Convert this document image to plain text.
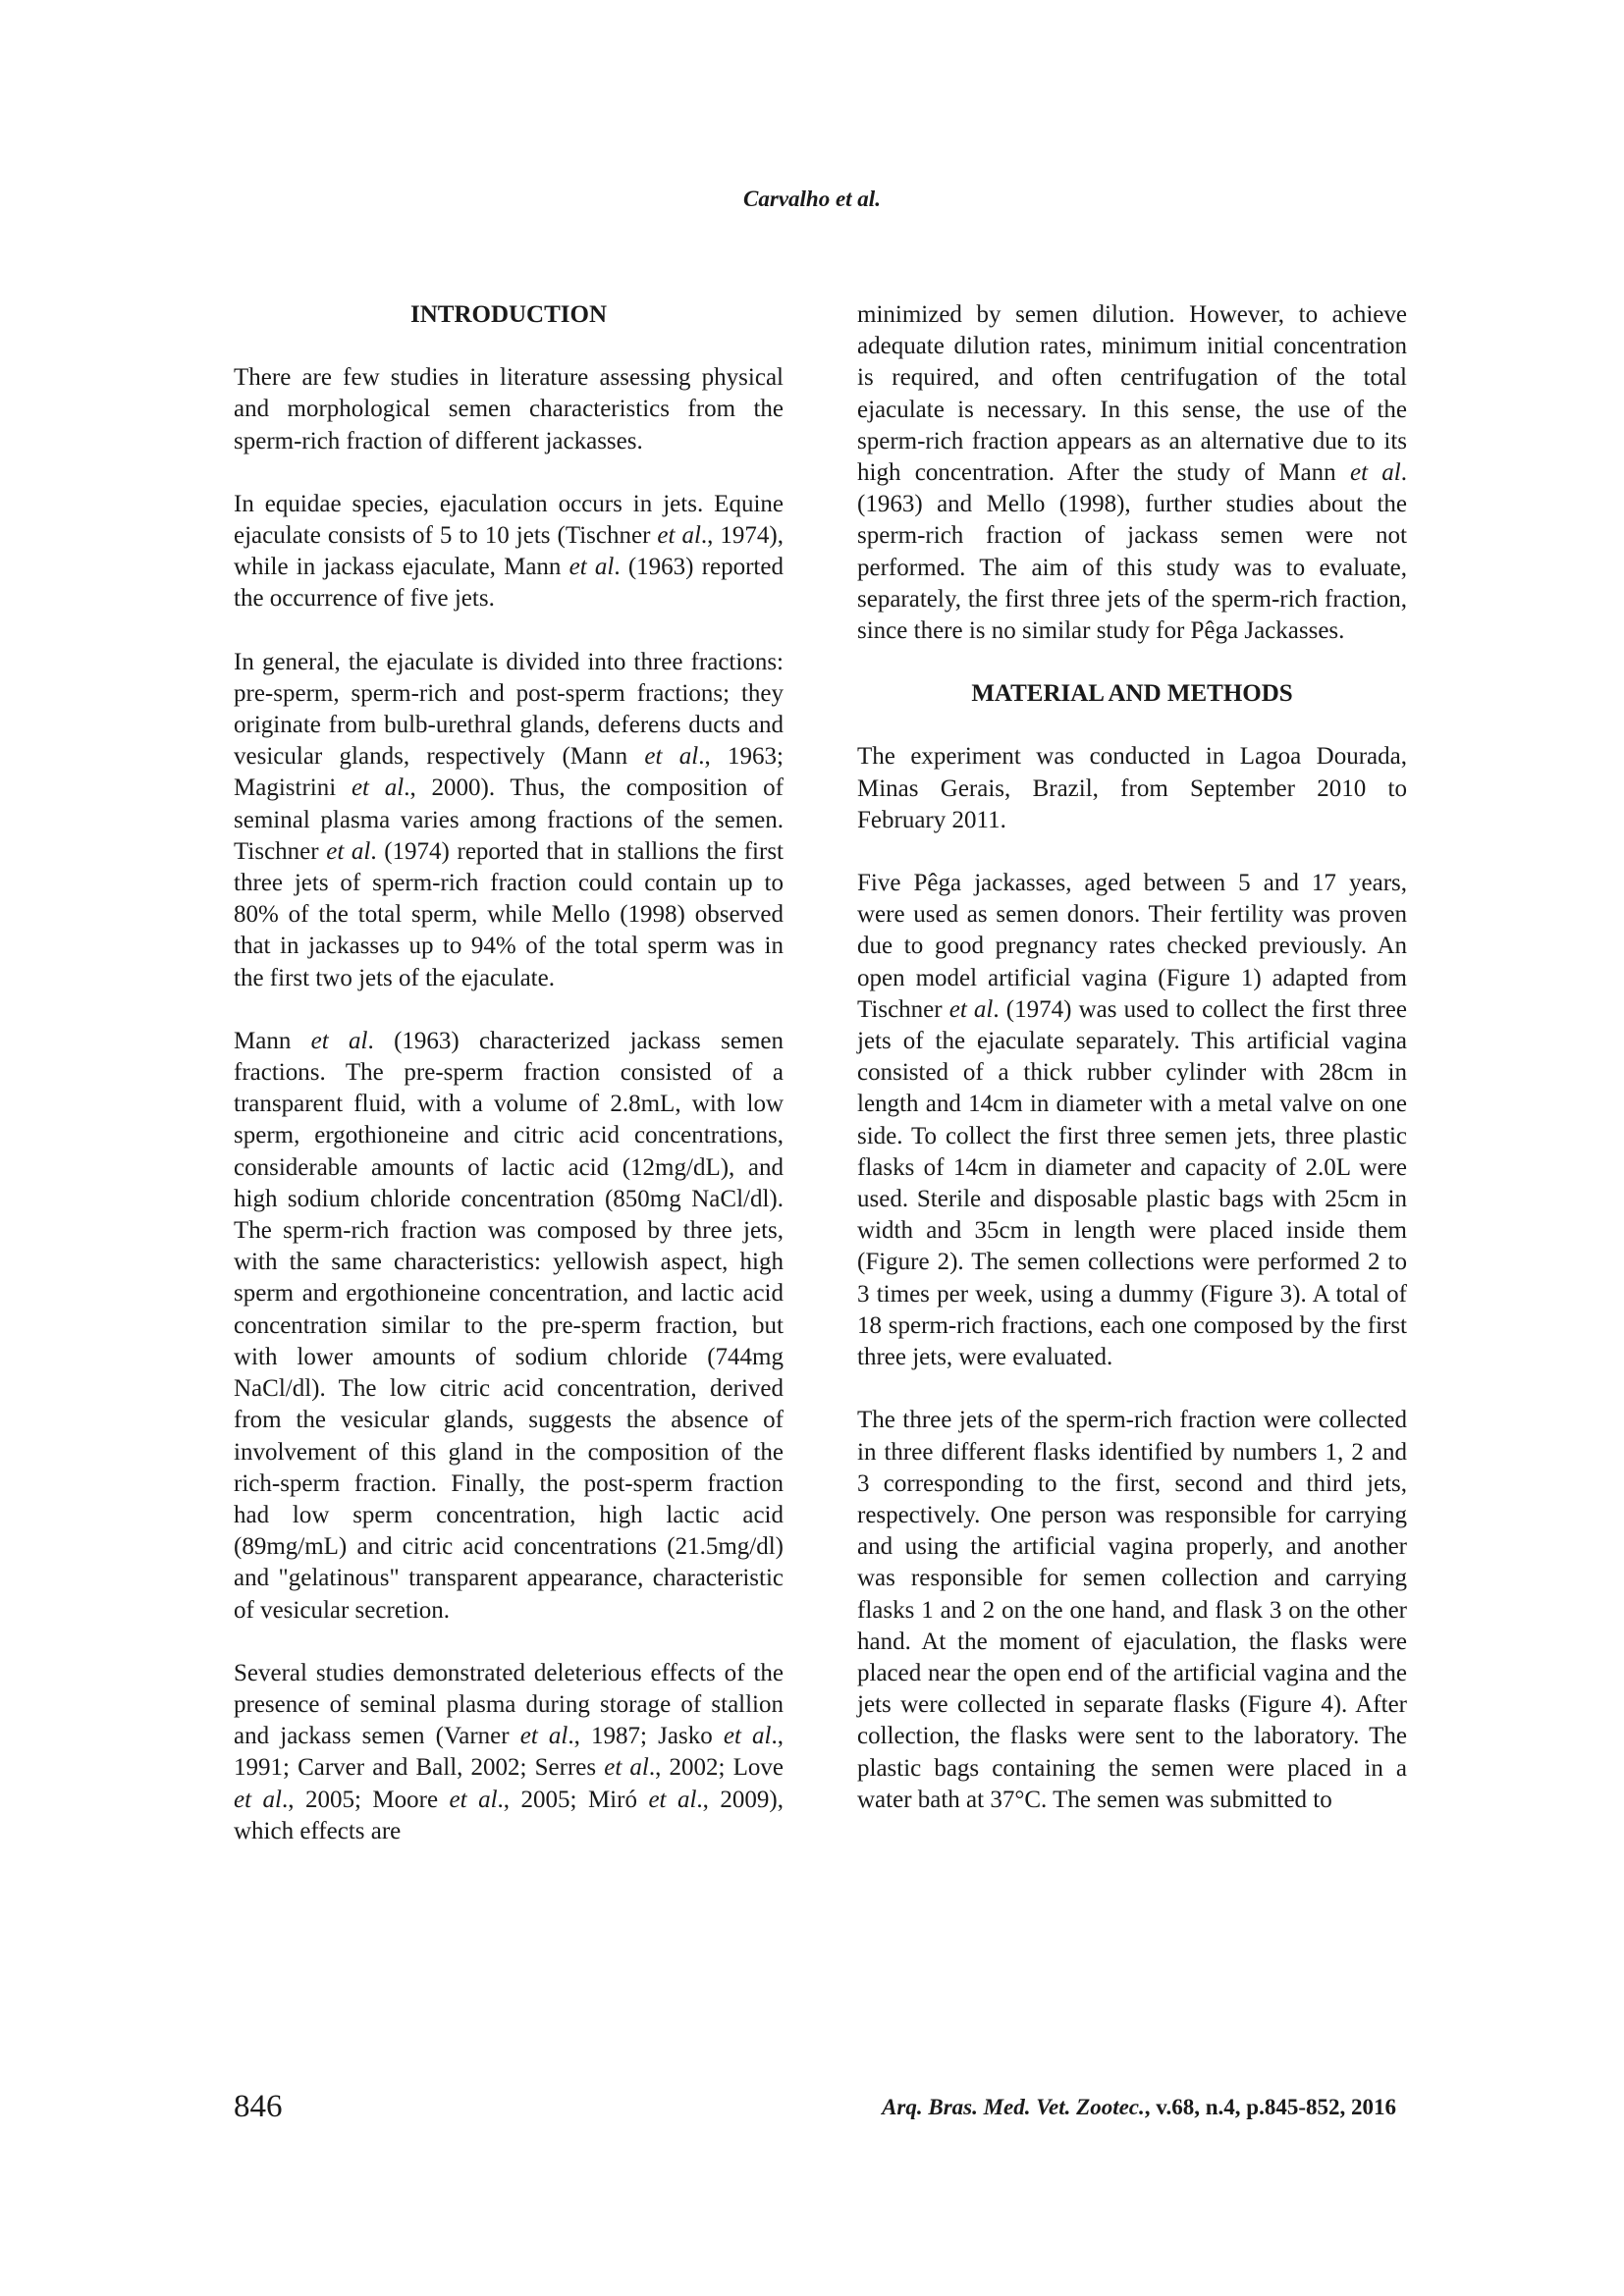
Carvalho et al.
INTRODUCTION

There are few studies in literature assessing physical and morphological semen characteristics from the sperm-rich fraction of different jackasses.

In equidae species, ejaculation occurs in jets. Equine ejaculate consists of 5 to 10 jets (Tischner et al., 1974), while in jackass ejaculate, Mann et al. (1963) reported the occurrence of five jets.

In general, the ejaculate is divided into three fractions: pre-sperm, sperm-rich and post-sperm fractions; they originate from bulb-urethral glands, deferens ducts and vesicular glands, respectively (Mann et al., 1963; Magistrini et al., 2000). Thus, the composition of seminal plasma varies among fractions of the semen. Tischner et al. (1974) reported that in stallions the first three jets of sperm-rich fraction could contain up to 80% of the total sperm, while Mello (1998) observed that in jackasses up to 94% of the total sperm was in the first two jets of the ejaculate.

Mann et al. (1963) characterized jackass semen fractions. The pre-sperm fraction consisted of a transparent fluid, with a volume of 2.8mL, with low sperm, ergothioneine and citric acid concentrations, considerable amounts of lactic acid (12mg/dL), and high sodium chloride concentration (850mg NaCl/dl). The sperm-rich fraction was composed by three jets, with the same characteristics: yellowish aspect, high sperm and ergothioneine concentration, and lactic acid concentration similar to the pre-sperm fraction, but with lower amounts of sodium chloride (744mg NaCl/dl). The low citric acid concentration, derived from the vesicular glands, suggests the absence of involvement of this gland in the composition of the rich-sperm fraction. Finally, the post-sperm fraction had low sperm concentration, high lactic acid (89mg/mL) and citric acid concentrations (21.5mg/dl) and "gelatinous" transparent appearance, characteristic of vesicular secretion.

Several studies demonstrated deleterious effects of the presence of seminal plasma during storage of stallion and jackass semen (Varner et al., 1987; Jasko et al., 1991; Carver and Ball, 2002; Serres et al., 2002; Love et al., 2005; Moore et al., 2005; Miró et al., 2009), which effects are

minimized by semen dilution. However, to achieve adequate dilution rates, minimum initial concentration is required, and often centrifugation of the total ejaculate is necessary. In this sense, the use of the sperm-rich fraction appears as an alternative due to its high concentration. After the study of Mann et al. (1963) and Mello (1998), further studies about the sperm-rich fraction of jackass semen were not performed. The aim of this study was to evaluate, separately, the first three jets of the sperm-rich fraction, since there is no similar study for Pêga Jackasses.

MATERIAL AND METHODS

The experiment was conducted in Lagoa Dourada, Minas Gerais, Brazil, from September 2010 to February 2011.

Five Pêga jackasses, aged between 5 and 17 years, were used as semen donors. Their fertility was proven due to good pregnancy rates checked previously. An open model artificial vagina (Figure 1) adapted from Tischner et al. (1974) was used to collect the first three jets of the ejaculate separately. This artificial vagina consisted of a thick rubber cylinder with 28cm in length and 14cm in diameter with a metal valve on one side. To collect the first three semen jets, three plastic flasks of 14cm in diameter and capacity of 2.0L were used. Sterile and disposable plastic bags with 25cm in width and 35cm in length were placed inside them (Figure 2). The semen collections were performed 2 to 3 times per week, using a dummy (Figure 3). A total of 18 sperm-rich fractions, each one composed by the first three jets, were evaluated.

The three jets of the sperm-rich fraction were collected in three different flasks identified by numbers 1, 2 and 3 corresponding to the first, second and third jets, respectively. One person was responsible for carrying and using the artificial vagina properly, and another was responsible for semen collection and carrying flasks 1 and 2 on the one hand, and flask 3 on the other hand. At the moment of ejaculation, the flasks were placed near the open end of the artificial vagina and the jets were collected in separate flasks (Figure 4). After collection, the flasks were sent to the laboratory. The plastic bags containing the semen were placed in a water bath at 37°C. The semen was submitted to

846	Arq. Bras. Med. Vet. Zootec., v.68, n.4, p.845-852, 2016
